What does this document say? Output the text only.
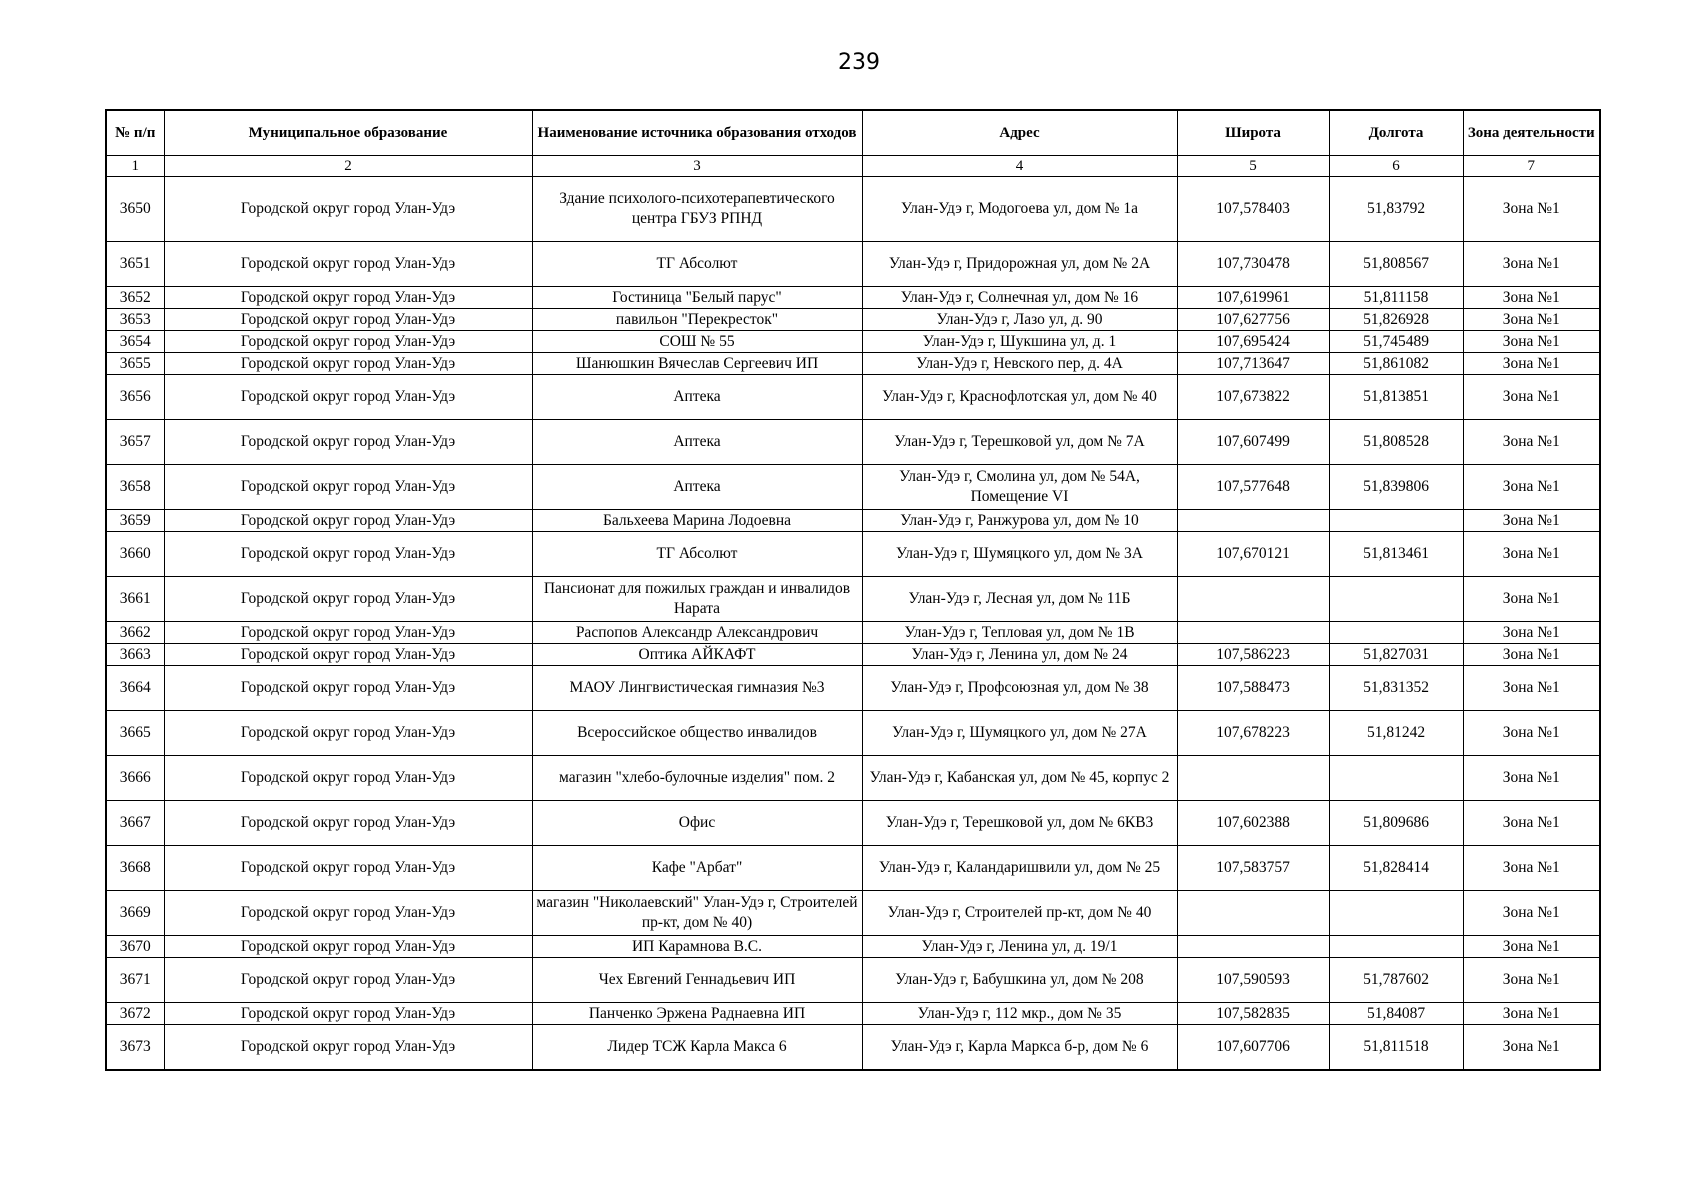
239
№ п/п	Муниципальное образование	Наименование источника образования отходов	Адрес	Широта	Долгота	Зона деятельности
1	2	3	4	5	6	7
3650	Городской округ город Улан-Удэ	Здание психолого-психотерапевтического центра ГБУЗ РПНД	Улан-Удэ г, Модогоева ул, дом № 1а	107,578403	51,83792	Зона №1
3651	Городской округ город Улан-Удэ	ТГ Абсолют	Улан-Удэ г, Придорожная ул, дом № 2А	107,730478	51,808567	Зона №1
3652	Городской округ город Улан-Удэ	Гостиница "Белый парус"	Улан-Удэ г, Солнечная ул, дом № 16	107,619961	51,811158	Зона №1
3653	Городской округ город Улан-Удэ	павильон "Перекресток"	Улан-Удэ г, Лазо ул, д. 90	107,627756	51,826928	Зона №1
3654	Городской округ город Улан-Удэ	СОШ № 55	Улан-Удэ г, Шукшина ул, д. 1	107,695424	51,745489	Зона №1
3655	Городской округ город Улан-Удэ	Шанюшкин Вячеслав Сергеевич ИП	Улан-Удэ г, Невского пер, д. 4А	107,713647	51,861082	Зона №1
3656	Городской округ город Улан-Удэ	Аптека	Улан-Удэ г, Краснофлотская ул, дом № 40	107,673822	51,813851	Зона №1
3657	Городской округ город Улан-Удэ	Аптека	Улан-Удэ г, Терешковой ул, дом № 7А	107,607499	51,808528	Зона №1
3658	Городской округ город Улан-Удэ	Аптека	Улан-Удэ г, Смолина ул, дом № 54А, Помещение VI	107,577648	51,839806	Зона №1
3659	Городской округ город Улан-Удэ	Бальхеева Марина Лодоевна	Улан-Удэ г, Ранжурова ул, дом № 10			Зона №1
3660	Городской округ город Улан-Удэ	ТГ Абсолют	Улан-Удэ г, Шумяцкого ул, дом № 3А	107,670121	51,813461	Зона №1
3661	Городской округ город Улан-Удэ	Пансионат для пожилых граждан и инвалидов Нарата	Улан-Удэ г, Лесная ул, дом № 11Б			Зона №1
3662	Городской округ город Улан-Удэ	Распопов Александр Александрович	Улан-Удэ г, Тепловая ул, дом № 1В			Зона №1
3663	Городской округ город Улан-Удэ	Оптика АЙКАФТ	Улан-Удэ г, Ленина ул, дом № 24	107,586223	51,827031	Зона №1
3664	Городской округ город Улан-Удэ	МАОУ Лингвистическая гимназия №3	Улан-Удэ г, Профсоюзная ул, дом № 38	107,588473	51,831352	Зона №1
3665	Городской округ город Улан-Удэ	Всероссийское общество инвалидов	Улан-Удэ г, Шумяцкого ул, дом № 27А	107,678223	51,81242	Зона №1
3666	Городской округ город Улан-Удэ	магазин "хлебо-булочные изделия" пом. 2	Улан-Удэ г, Кабанская ул, дом № 45, корпус 2			Зона №1
3667	Городской округ город Улан-Удэ	Офис	Улан-Удэ г, Терешковой ул, дом № 6КВ3	107,602388	51,809686	Зона №1
3668	Городской округ город Улан-Удэ	Кафе "Арбат"	Улан-Удэ г, Каландаришвили ул, дом № 25	107,583757	51,828414	Зона №1
3669	Городской округ город Улан-Удэ	магазин "Николаевский" Улан-Удэ г, Строителей пр-кт, дом № 40)	Улан-Удэ г, Строителей пр-кт, дом № 40			Зона №1
3670	Городской округ город Улан-Удэ	ИП Карамнова В.С.	Улан-Удэ г, Ленина ул, д. 19/1			Зона №1
3671	Городской округ город Улан-Удэ	Чех Евгений Геннадьевич ИП	Улан-Удэ г, Бабушкина ул, дом № 208	107,590593	51,787602	Зона №1
3672	Городской округ город Улан-Удэ	Панченко Эржена Раднаевна ИП	Улан-Удэ г, 112 мкр., дом № 35	107,582835	51,84087	Зона №1
3673	Городской округ город Улан-Удэ	Лидер ТСЖ Карла Макса 6	Улан-Удэ г, Карла Маркса б-р, дом № 6	107,607706	51,811518	Зона №1
